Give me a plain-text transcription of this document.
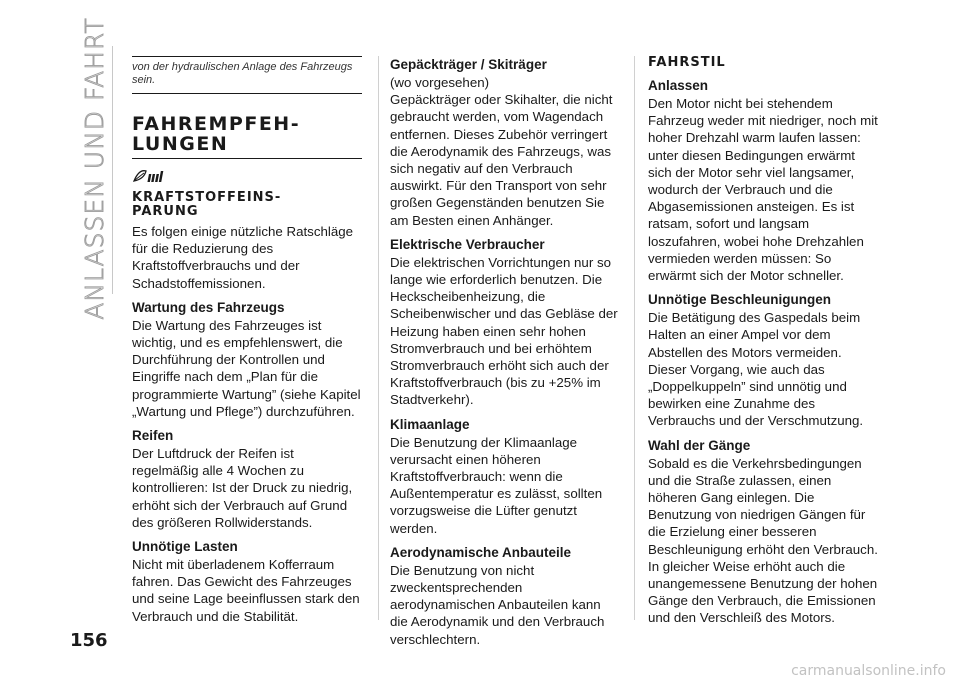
ANLASSEN UND FAHRT von der hydraulischen Anlage des Fahrzeugs sein.
FAHREMPFEH-
LUNGEN
ıııl
KRAFTSTOFFEINS-
PARUNG

Es folgen einige nützliche Ratschläge für die Reduzierung des Kraftstoffverbrauchs und der Schadstoffemissionen.

Wartung des Fahrzeugs

Die Wartung des Fahrzeuges ist wichtig, und es empfehlenswert, die Durchführung der Kontrollen und Eingriffe nach dem „Plan für die programmierte Wartung” (siehe Kapitel „Wartung und Pflege”) durchzuführen.

Reifen

Der Luftdruck der Reifen ist regelmäßig alle 4 Wochen zu kontrollieren: Ist der Druck zu niedrig, erhöht sich der Verbrauch auf Grund des größeren Rollwiderstands.

Unnötige Lasten

Nicht mit überladenem Kofferraum fahren. Das Gewicht des Fahrzeuges und seine Lage beeinflussen stark den Verbrauch und die Stabilität.

Gepäckträger / Skiträger

(wo vorgesehen)
Gepäckträger oder Skihalter, die nicht gebraucht werden, vom Wagendach entfernen. Dieses Zubehör verringert die Aerodynamik des Fahrzeugs, was sich negativ auf den Verbrauch auswirkt. Für den Transport von sehr großen Gegenständen benutzen Sie am Besten einen Anhänger.

Elektrische Verbraucher

Die elektrischen Vorrichtungen nur so lange wie erforderlich benutzen. Die Heckscheibenheizung, die Scheibenwischer und das Gebläse der Heizung haben einen sehr hohen Stromverbrauch und bei erhöhtem Stromverbrauch erhöht sich auch der Kraftstoffverbrauch (bis zu +25% im Stadtverkehr).

Klimaanlage

Die Benutzung der Klimaanlage verursacht einen höheren Kraftstoffverbrauch: wenn die Außentemperatur es zulässt, sollten vorzugsweise die Lüfter genutzt werden.

Aerodynamische Anbauteile

Die Benutzung von nicht zweckentsprechenden aerodynamischen Anbauteilen kann die Aerodynamik und den Verbrauch verschlechtern.

FAHRSTIL
Anlassen

Den Motor nicht bei stehendem Fahrzeug weder mit niedriger, noch mit hoher Drehzahl warm laufen lassen: unter diesen Bedingungen erwärmt sich der Motor sehr viel langsamer, wodurch der Verbrauch und die Abgasemissionen ansteigen. Es ist ratsam, sofort und langsam loszufahren, wobei hohe Drehzahlen vermieden werden müssen: So erwärmt sich der Motor schneller.

Unnötige Beschleunigungen

Die Betätigung des Gaspedals beim Halten an einer Ampel vor dem Abstellen des Motors vermeiden. Dieser Vorgang, wie auch das „Doppelkuppeln” sind unnötig und bewirken eine Zunahme des Verbrauchs und der Verschmutzung.

Wahl der Gänge

Sobald es die Verkehrsbedingungen und die Straße zulassen, einen höheren Gang einlegen. Die Benutzung von niedrigen Gängen für die Erzielung einer besseren Beschleunigung erhöht den Verbrauch. In gleicher Weise erhöht auch die unangemessene Benutzung der hohen Gänge den Verbrauch, die Emissionen und den Verschleiß des Motors.

156
carmanualsonline.info
